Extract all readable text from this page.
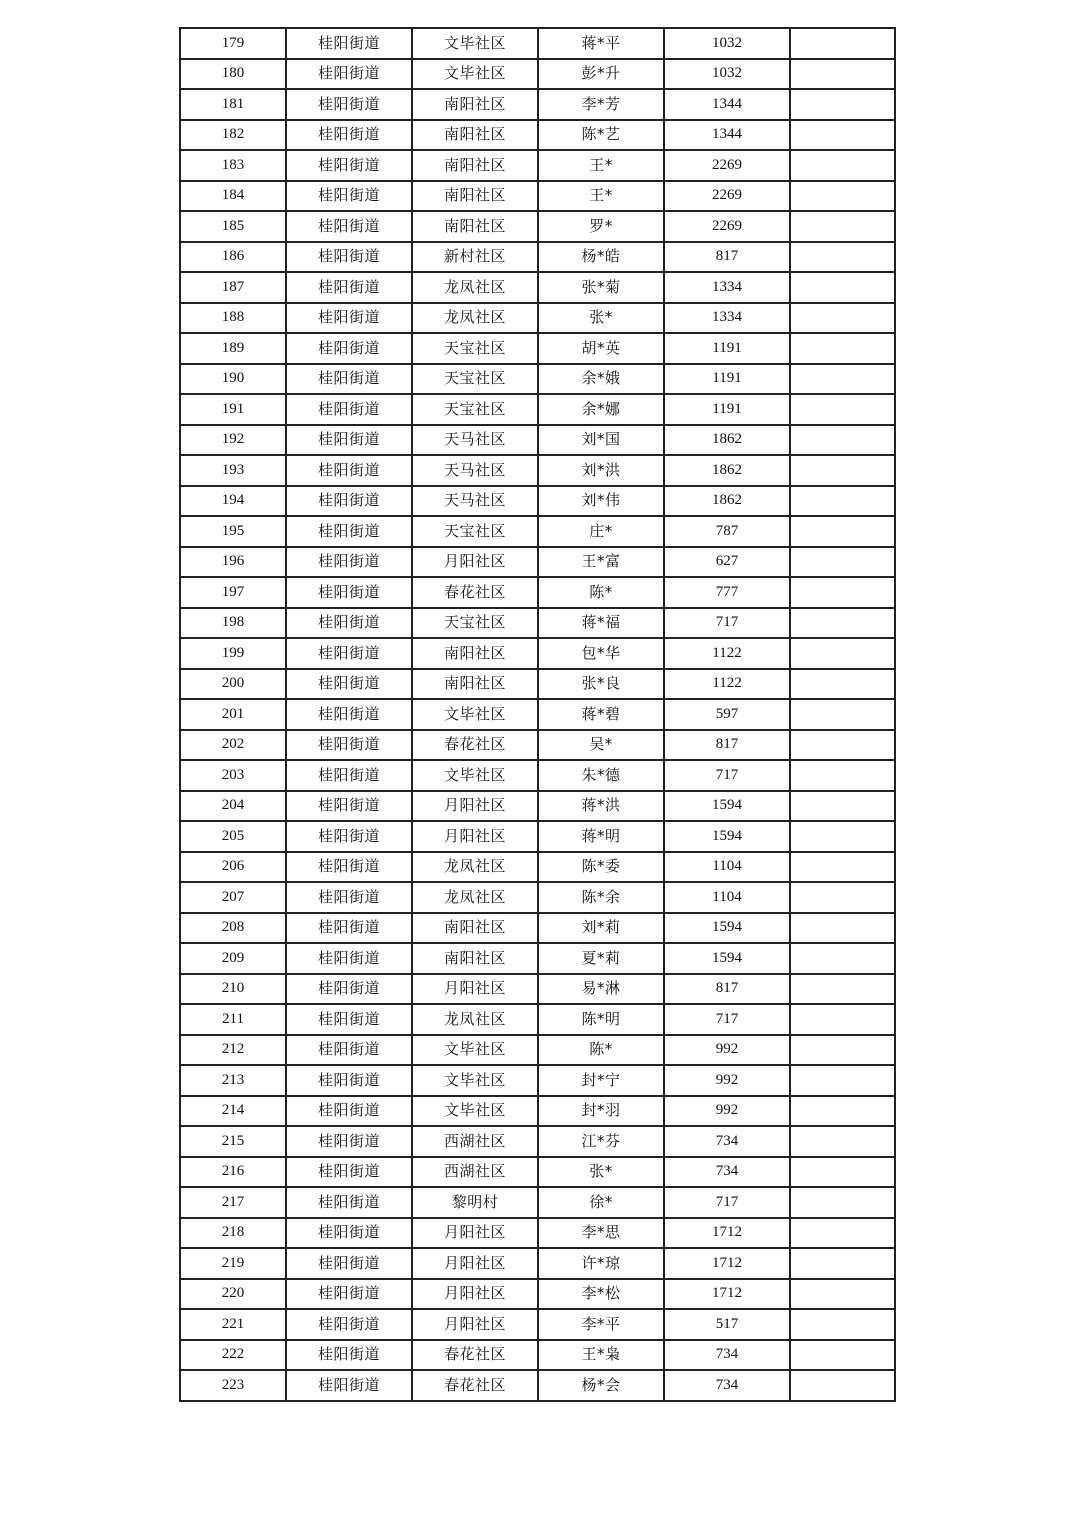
179	桂阳街道	文毕社区	蒋*平	1032	
180	桂阳街道	文毕社区	彭*升	1032	
181	桂阳街道	南阳社区	李*芳	1344	
182	桂阳街道	南阳社区	陈*艺	1344	
183	桂阳街道	南阳社区	王*	2269	
184	桂阳街道	南阳社区	王*	2269	
185	桂阳街道	南阳社区	罗*	2269	
186	桂阳街道	新村社区	杨*皓	817	
187	桂阳街道	龙凤社区	张*菊	1334	
188	桂阳街道	龙凤社区	张*	1334	
189	桂阳街道	天宝社区	胡*英	1191	
190	桂阳街道	天宝社区	余*娥	1191	
191	桂阳街道	天宝社区	余*娜	1191	
192	桂阳街道	天马社区	刘*国	1862	
193	桂阳街道	天马社区	刘*洪	1862	
194	桂阳街道	天马社区	刘*伟	1862	
195	桂阳街道	天宝社区	庄*	787	
196	桂阳街道	月阳社区	王*富	627	
197	桂阳街道	春花社区	陈*	777	
198	桂阳街道	天宝社区	蒋*福	717	
199	桂阳街道	南阳社区	包*华	1122	
200	桂阳街道	南阳社区	张*良	1122	
201	桂阳街道	文毕社区	蒋*碧	597	
202	桂阳街道	春花社区	吴*	817	
203	桂阳街道	文毕社区	朱*德	717	
204	桂阳街道	月阳社区	蒋*洪	1594	
205	桂阳街道	月阳社区	蒋*明	1594	
206	桂阳街道	龙凤社区	陈*委	1104	
207	桂阳街道	龙凤社区	陈*余	1104	
208	桂阳街道	南阳社区	刘*莉	1594	
209	桂阳街道	南阳社区	夏*莉	1594	
210	桂阳街道	月阳社区	易*淋	817	
211	桂阳街道	龙凤社区	陈*明	717	
212	桂阳街道	文毕社区	陈*	992	
213	桂阳街道	文毕社区	封*宁	992	
214	桂阳街道	文毕社区	封*羽	992	
215	桂阳街道	西湖社区	江*芬	734	
216	桂阳街道	西湖社区	张*	734	
217	桂阳街道	黎明村	徐*	717	
218	桂阳街道	月阳社区	李*思	1712	
219	桂阳街道	月阳社区	许*琼	1712	
220	桂阳街道	月阳社区	李*松	1712	
221	桂阳街道	月阳社区	李*平	517	
222	桂阳街道	春花社区	王*枭	734	
223	桂阳街道	春花社区	杨*会	734	
